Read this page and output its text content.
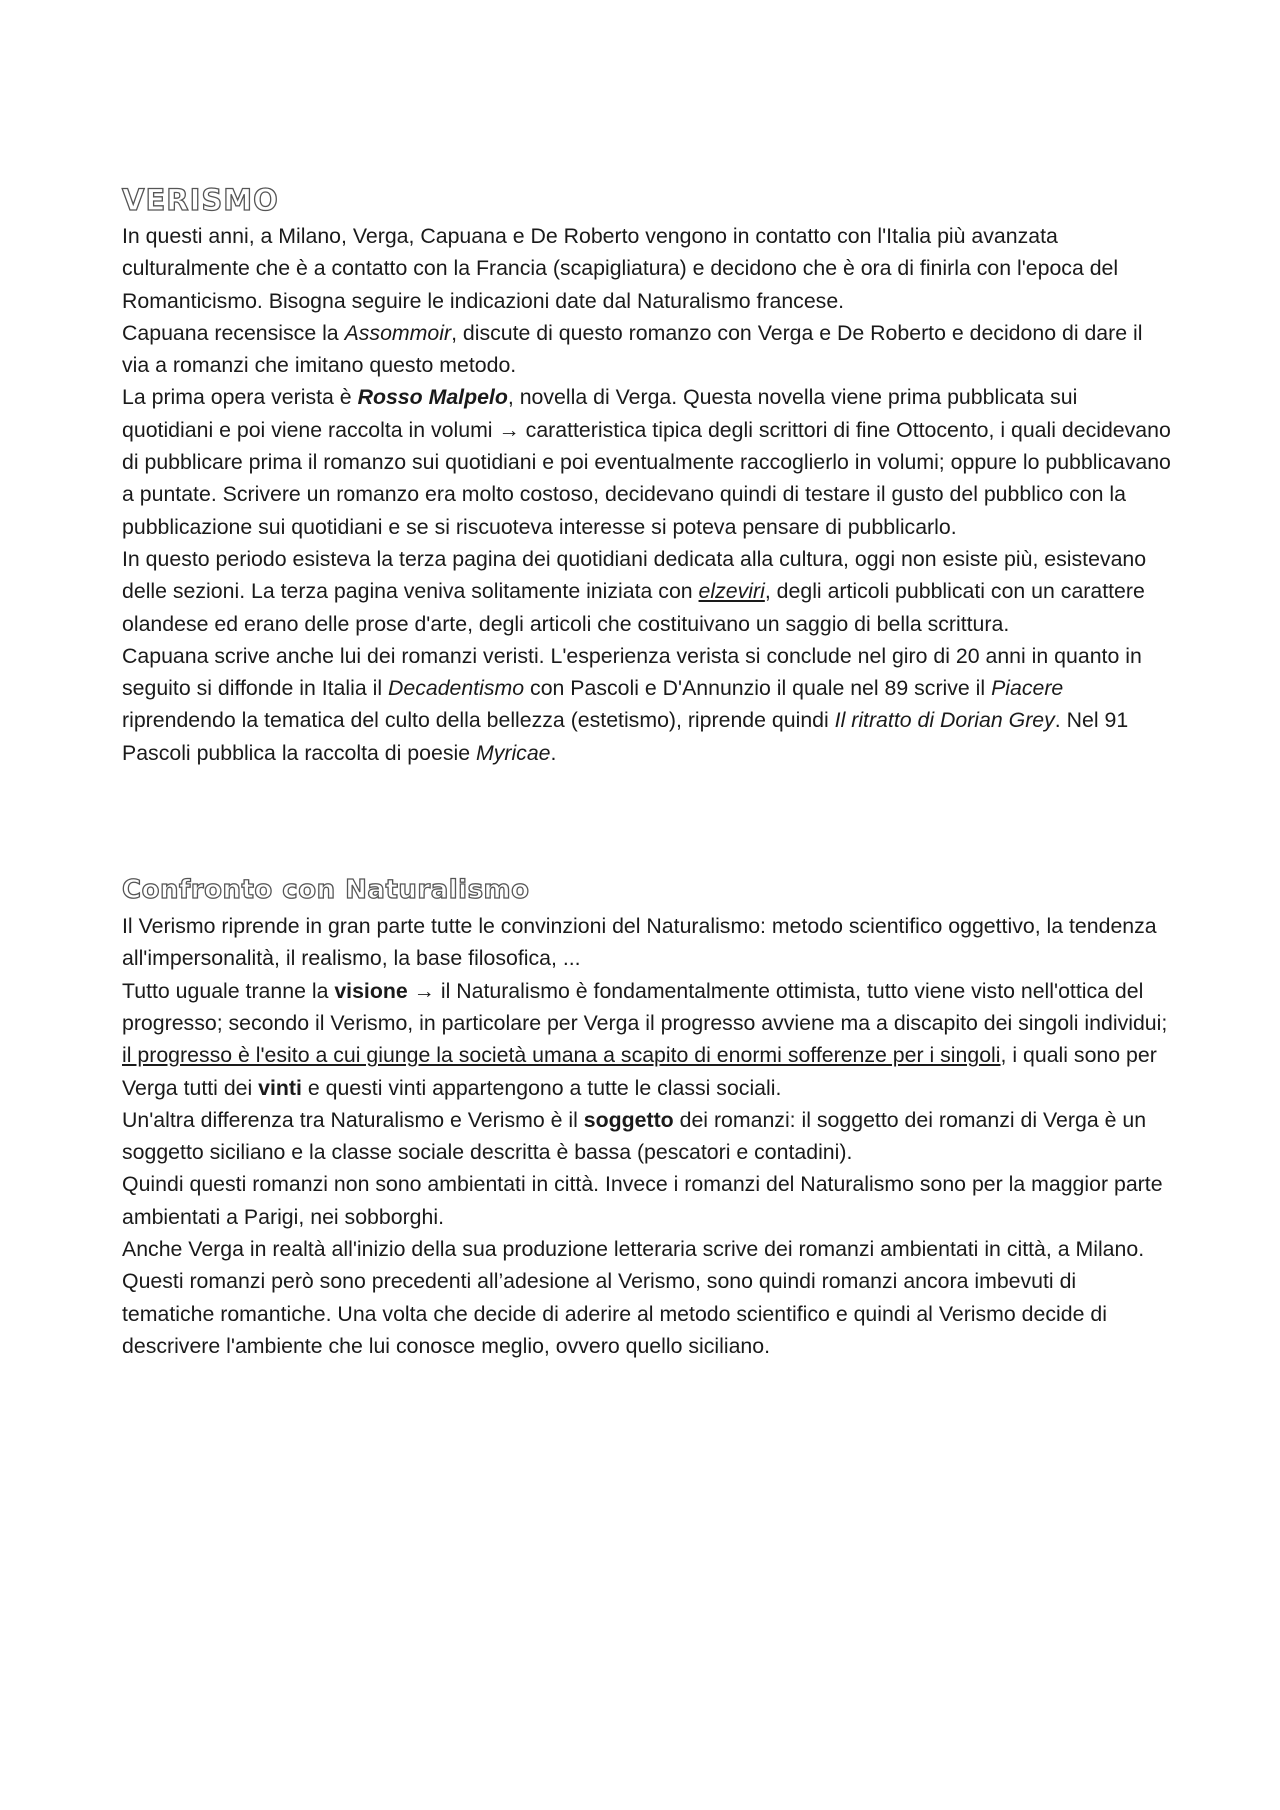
VERISMO

In questi anni, a Milano, Verga, Capuana e De Roberto vengono in contatto con l'Italia più avanzata culturalmente che è a contatto con la Francia (scapigliatura) e decidono che è ora di finirla con l'epoca del Romanticismo. Bisogna seguire le indicazioni date dal Naturalismo francese.

Capuana recensisce la Assommoir, discute di questo romanzo con Verga e De Roberto e decidono di dare il via a romanzi che imitano questo metodo.

La prima opera verista è Rosso Malpelo, novella di Verga. Questa novella viene prima pubblicata sui quotidiani e poi viene raccolta in volumi → caratteristica tipica degli scrittori di fine Ottocento, i quali decidevano di pubblicare prima il romanzo sui quotidiani e poi eventualmente raccoglierlo in volumi; oppure lo pubblicavano a puntate. Scrivere un romanzo era molto costoso, decidevano quindi di testare il gusto del pubblico con la pubblicazione sui quotidiani e se si riscuoteva interesse si poteva pensare di pubblicarlo.

In questo periodo esisteva la terza pagina dei quotidiani dedicata alla cultura, oggi non esiste più, esistevano delle sezioni. La terza pagina veniva solitamente iniziata con elzeviri, degli articoli pubblicati con un carattere olandese ed erano delle prose d'arte, degli articoli che costituivano un saggio di bella scrittura.

Capuana scrive anche lui dei romanzi veristi. L'esperienza verista si conclude nel giro di 20 anni in quanto in seguito si diffonde in Italia il Decadentismo con Pascoli e D'Annunzio il quale nel 89 scrive il Piacere riprendendo la tematica del culto della bellezza (estetismo), riprende quindi Il ritratto di Dorian Grey. Nel 91 Pascoli pubblica la raccolta di poesie Myricae.

Confronto con Naturalismo

Il Verismo riprende in gran parte tutte le convinzioni del Naturalismo: metodo scientifico oggettivo, la tendenza all'impersonalità, il realismo, la base filosofica, ...

Tutto uguale tranne la visione → il Naturalismo è fondamentalmente ottimista, tutto viene visto nell'ottica del progresso; secondo il Verismo, in particolare per Verga il progresso avviene ma a discapito dei singoli individui; il progresso è l'esito a cui giunge la società umana a scapito di enormi sofferenze per i singoli, i quali sono per Verga tutti dei vinti e questi vinti appartengono a tutte le classi sociali.

Un'altra differenza tra Naturalismo e Verismo è il soggetto dei romanzi: il soggetto dei romanzi di Verga è un soggetto siciliano e la classe sociale descritta è bassa (pescatori e contadini).

Quindi questi romanzi non sono ambientati in città. Invece i romanzi del Naturalismo sono per la maggior parte ambientati a Parigi, nei sobborghi.

Anche Verga in realtà all'inizio della sua produzione letteraria scrive dei romanzi ambientati in città, a Milano. Questi romanzi però sono precedenti all’adesione al Verismo, sono quindi romanzi ancora imbevuti di tematiche romantiche. Una volta che decide di aderire al metodo scientifico e quindi al Verismo decide di descrivere l'ambiente che lui conosce meglio, ovvero quello siciliano.
